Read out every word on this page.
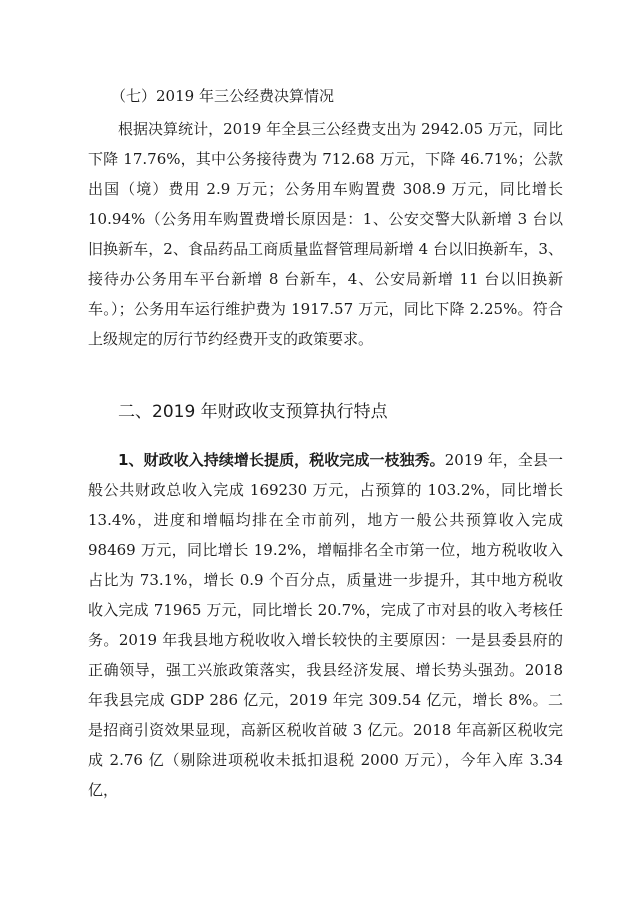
（七）2019 年三公经费决算情况

根据决算统计，2019 年全县三公经费支出为 2942.05 万元，同比下降 17.76%，其中公务接待费为 712.68 万元，下降 46.71%；公款出国（境）费用 2.9 万元；公务用车购置费 308.9 万元，同比增长 10.94%（公务用车购置费增长原因是：1、公安交警大队新增 3 台以旧换新车，2、食品药品工商质量监督管理局新增 4 台以旧换新车，3、接待办公务用车平台新增 8 台新车，4、公安局新增 11 台以旧换新车。）；公务用车运行维护费为 1917.57 万元，同比下降 2.25%。符合上级规定的厉行节约经费开支的政策要求。

二、2019 年财政收支预算执行特点

1、财政收入持续增长提质，税收完成一枝独秀。2019 年，全县一般公共财政总收入完成 169230 万元，占预算的 103.2%，同比增长 13.4%，进度和增幅均排在全市前列，地方一般公共预算收入完成 98469 万元，同比增长 19.2%，增幅排名全市第一位，地方税收收入占比为 73.1%，增长 0.9 个百分点，质量进一步提升，其中地方税收收入完成 71965 万元，同比增长 20.7%，完成了市对县的收入考核任务。2019 年我县地方税收收入增长较快的主要原因：一是县委县府的正确领导，强工兴旅政策落实，我县经济发展、增长势头强劲。2018 年我县完成 GDP 286 亿元，2019 年完 309.54 亿元，增长 8%。二是招商引资效果显现，高新区税收首破 3 亿元。2018 年高新区税收完成 2.76 亿（剔除进项税收未抵扣退税 2000 万元），今年入库 3.34 亿，
